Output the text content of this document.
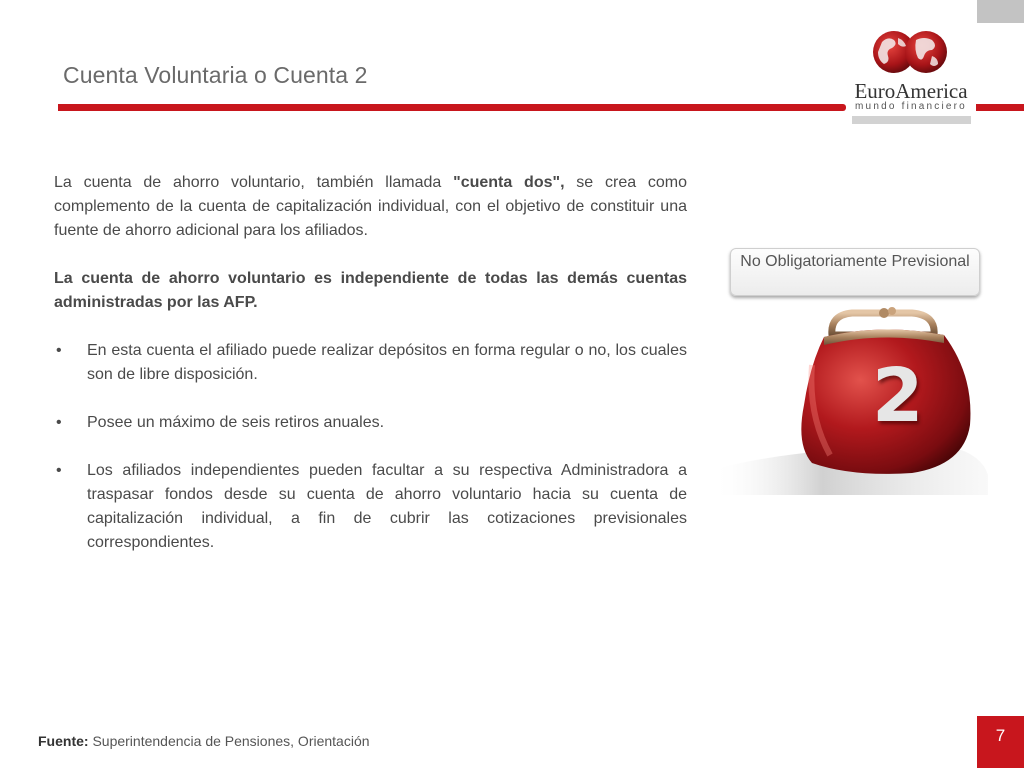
Cuenta Voluntaria o Cuenta 2
EuroAmerica
mundo financiero

La cuenta de ahorro voluntario, también llamada "cuenta dos", se crea como complemento de la cuenta de capitalización individual, con el objetivo de constituir una fuente de ahorro adicional para los afiliados.

La cuenta de ahorro voluntario es independiente de todas las demás cuentas administradas por las AFP.

• En esta cuenta el afiliado puede realizar depósitos en forma regular o no, los cuales son de libre disposición.

• Posee un máximo de seis retiros anuales.

• Los afiliados independientes pueden facultar a su respectiva Administradora a traspasar fondos desde su cuenta de ahorro voluntario hacia su cuenta de capitalización individual, a fin de cubrir las cotizaciones previsionales correspondientes.

No Obligatoriamente Previsional
2
Fuente: Superintendencia de Pensiones, Orientación	7
